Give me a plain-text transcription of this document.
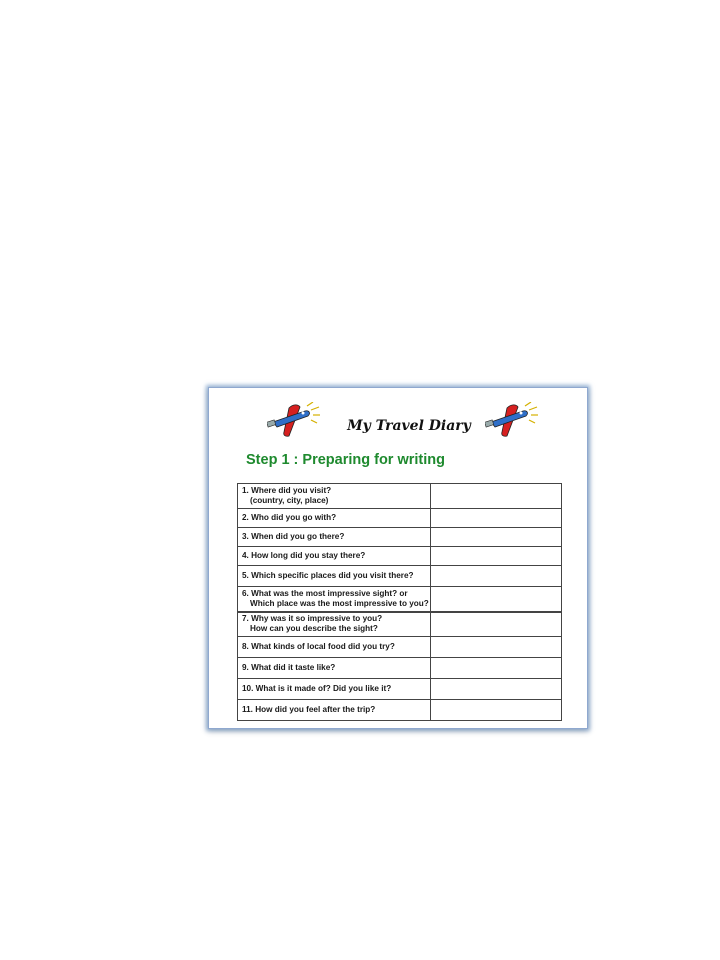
My Travel Diary
Step 1 : Preparing for writing
1. Where did you visit?
(country, city, place)	

2. Who did you go with?	
3. When did you go there?	
4. How long did you stay there?	
5. Which specific places did you visit there?	
6. What was the most impressive sight? or
Which place was the most impressive to you?	

7. Why was it so impressive to you?
How can you describe the sight?	

8. What kinds of local food did you try?	
9. What did it taste like?	
10. What is it made of? Did you like it?	
11. How did you feel after the trip?	
